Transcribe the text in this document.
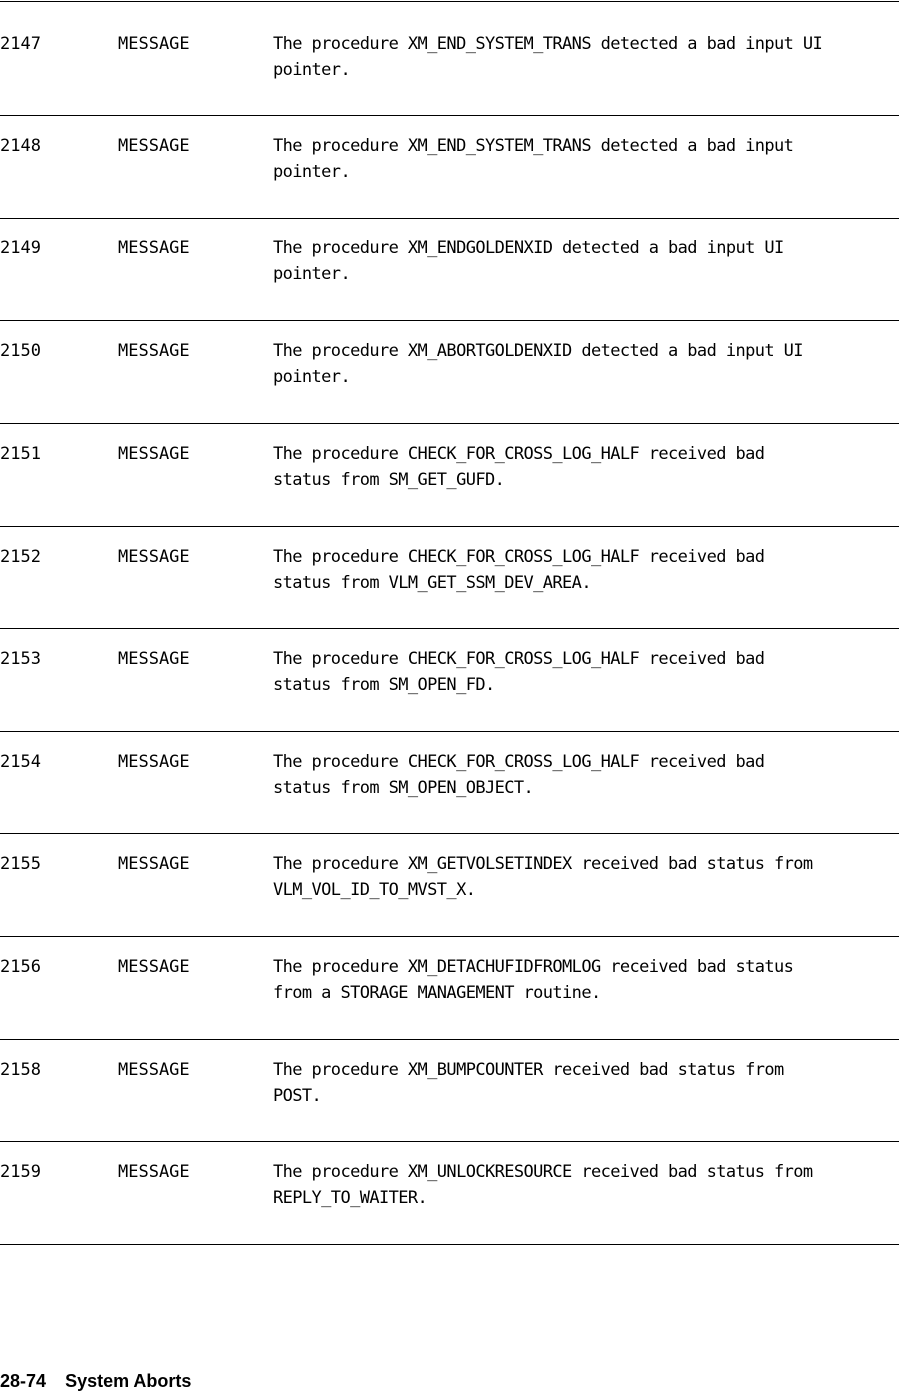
2147	MESSAGE	The procedure XM_END_SYSTEM_TRANS detected a bad input UI
pointer.
2148	MESSAGE	The procedure XM_END_SYSTEM_TRANS detected a bad input
pointer.
2149	MESSAGE	The procedure XM_ENDGOLDENXID detected a bad input UI
pointer.
2150	MESSAGE	The procedure XM_ABORTGOLDENXID detected a bad input UI
pointer.
2151	MESSAGE	The procedure CHECK_FOR_CROSS_LOG_HALF received bad
status from SM_GET_GUFD.
2152	MESSAGE	The procedure CHECK_FOR_CROSS_LOG_HALF received bad
status from VLM_GET_SSM_DEV_AREA.
2153	MESSAGE	The procedure CHECK_FOR_CROSS_LOG_HALF received bad
status from SM_OPEN_FD.
2154	MESSAGE	The procedure CHECK_FOR_CROSS_LOG_HALF received bad
status from SM_OPEN_OBJECT.
2155	MESSAGE	The procedure XM_GETVOLSETINDEX received bad status from
VLM_VOL_ID_TO_MVST_X.
2156	MESSAGE	The procedure XM_DETACHUFIDFROMLOG received bad status
from a STORAGE MANAGEMENT routine.
2158	MESSAGE	The procedure XM_BUMPCOUNTER received bad status from
POST.
2159	MESSAGE	The procedure XM_UNLOCKRESOURCE received bad status from
REPLY_TO_WAITER.
28-74 System Aborts
